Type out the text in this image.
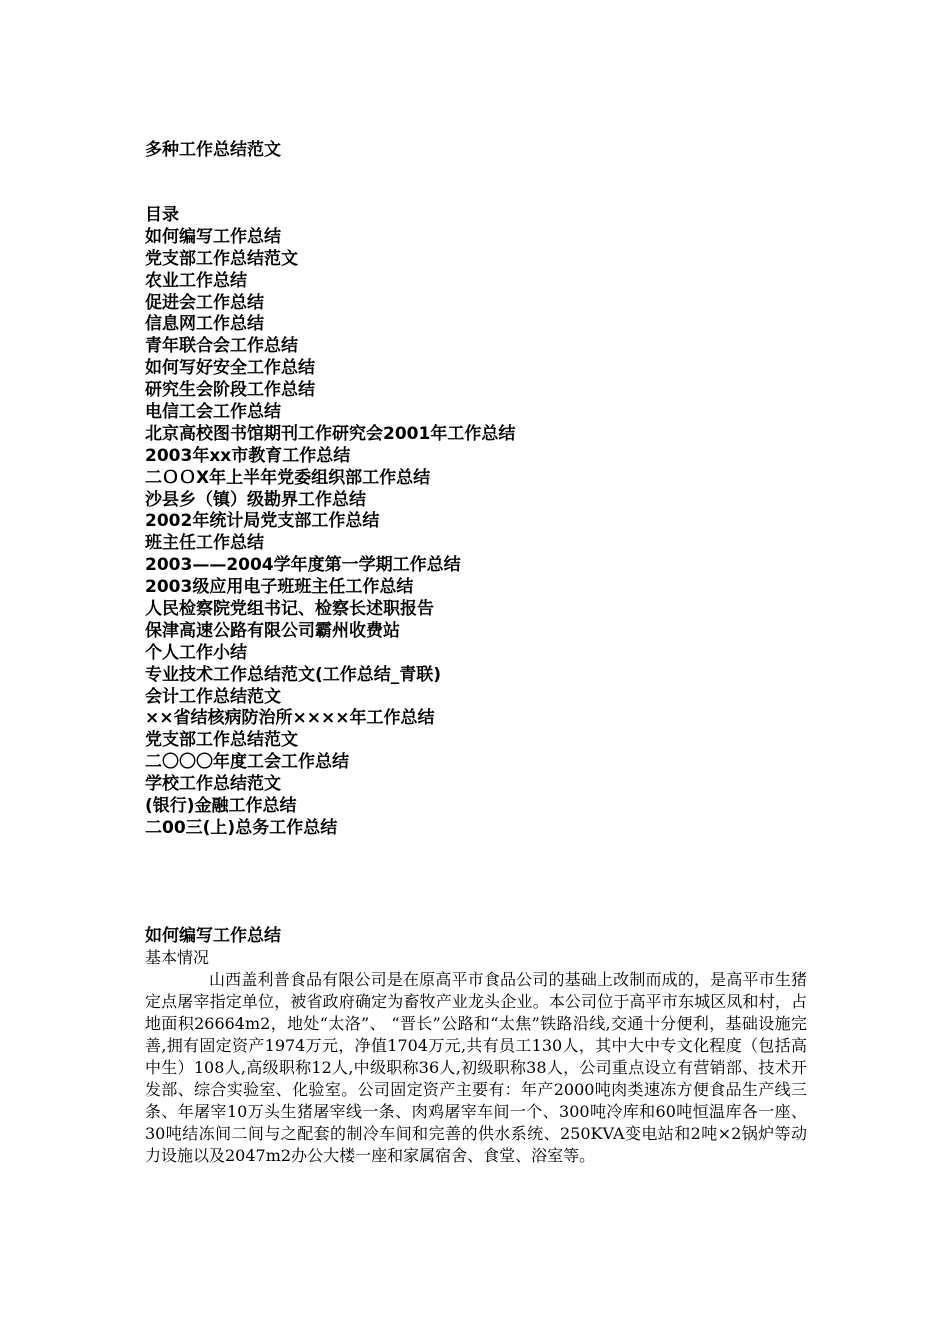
多种工作总结范文
目录
如何编写工作总结
党支部工作总结范文
农业工作总结
促进会工作总结
信息网工作总结
青年联合会工作总结
如何写好安全工作总结
研究生会阶段工作总结
电信工会工作总结
北京高校图书馆期刊工作研究会2001年工作总结
2003年xx市教育工作总结
二ＯＯX年上半年党委组织部工作总结
沙县乡（镇）级勘界工作总结
2002年统计局党支部工作总结
班主任工作总结
2003——2004学年度第一学期工作总结
2003级应用电子班班主任工作总结
人民检察院党组书记、检察长述职报告
保津高速公路有限公司霸州收费站
个人工作小结
专业技术工作总结范文(工作总结_青联)
会计工作总结范文
××省结核病防治所××××年工作总结
党支部工作总结范文
二〇〇〇年度工会工作总结
学校工作总结范文
(银行)金融工作总结
二00三(上)总务工作总结
如何编写工作总结
基本情况

山西盖利普食品有限公司是在原高平市食品公司的基础上改制而成的，是高平市生猪定点屠宰指定单位，被省政府确定为畜牧产业龙头企业。本公司位于高平市东城区凤和村，占地面积26664m2，地处“太洛”、 “晋长”公路和“太焦”铁路沿线,交通十分便利，基础设施完善,拥有固定资产1974万元，净值1704万元,共有员工130人，其中大中专文化程度（包括高中生）108人,高级职称12人,中级职称36人,初级职称38人，公司重点设立有营销部、技术开发部、综合实验室、化验室。公司固定资产主要有：年产2000吨肉类速冻方便食品生产线三条、年屠宰10万头生猪屠宰线一条、肉鸡屠宰车间一个、300吨冷库和60吨恒温库各一座、30吨结冻间二间与之配套的制冷车间和完善的供水系统、250KVA变电站和2吨×2锅炉等动力设施以及2047m2办公大楼一座和家属宿舍、食堂、浴室等。
